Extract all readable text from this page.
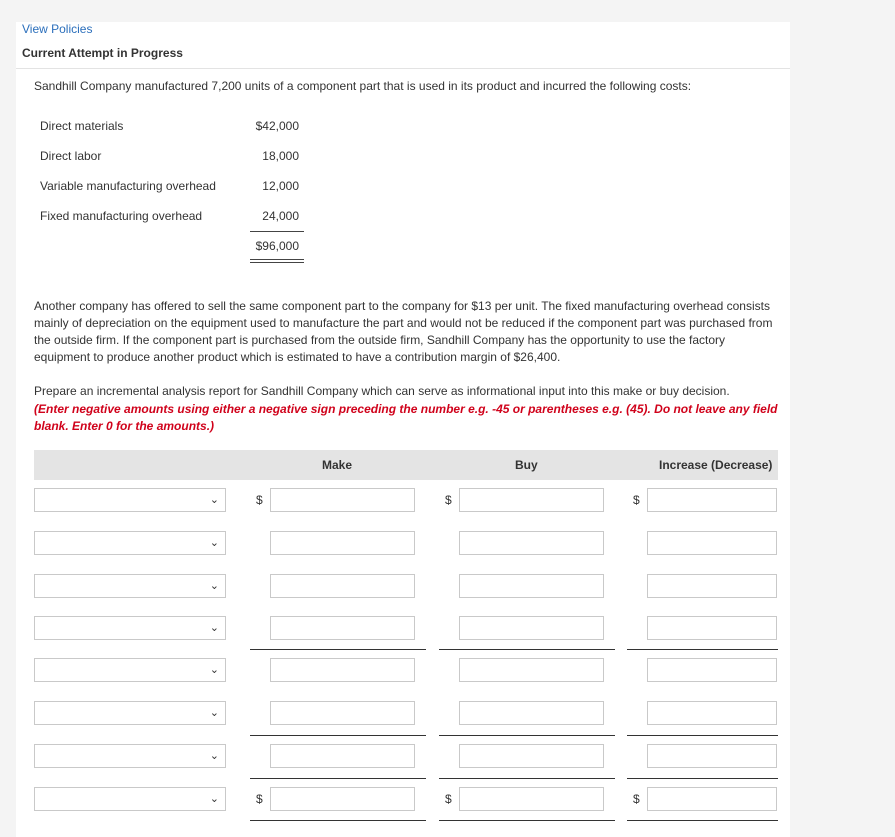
View Policies
Current Attempt in Progress
Sandhill Company manufactured 7,200 units of a component part that is used in its product and incurred the following costs:
Direct materials	$42,000
Direct labor	18,000
Variable manufacturing overhead	12,000
Fixed manufacturing overhead	24,000
$96,000
Another company has offered to sell the same component part to the company for $13 per unit. The fixed manufacturing overhead consists mainly of depreciation on the equipment used to manufacture the part and would not be reduced if the component part was purchased from the outside firm. If the component part is purchased from the outside firm, Sandhill Company has the opportunity to use the factory equipment to produce another product which is estimated to have a contribution margin of $26,400.
Prepare an incremental analysis report for Sandhill Company which can serve as informational input into this make or buy decision.
(Enter negative amounts using either a negative sign preceding the number e.g. -45 or parentheses e.g. (45). Do not leave any field blank. Enter 0 for the amounts.)
Make	Buy	Increase (Decrease)
⌄	$	$	$
⌄
⌄
⌄
⌄
⌄
⌄
⌄	$	$	$
